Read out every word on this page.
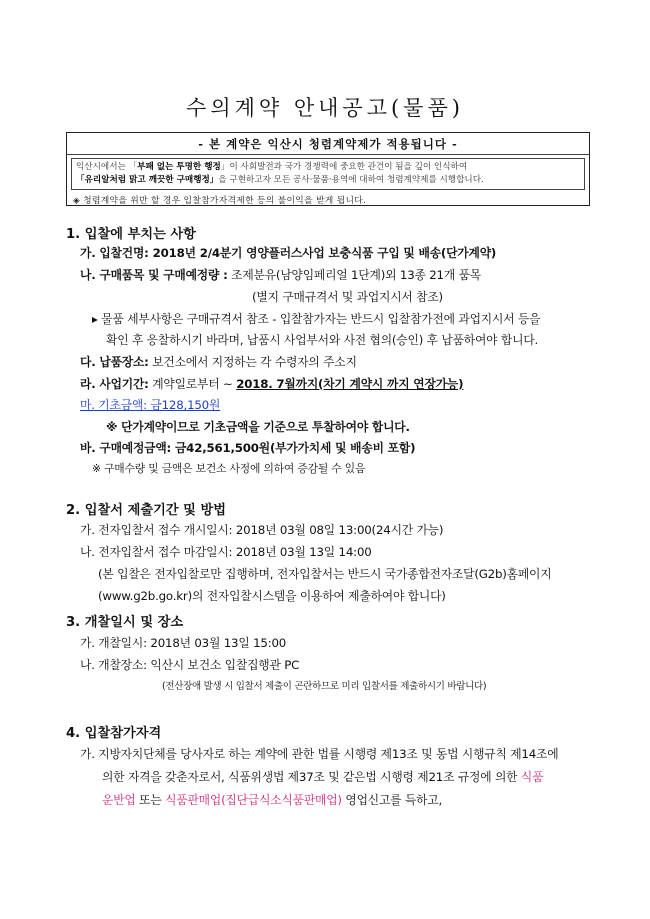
수의계약 안내공고(물품)
- 본 계약은 익산시 청렴계약제가 적용됩니다 -
익산시에서는 「부패 없는 투명한 행정」이 사회발전과 국가 경쟁력에 중요한 관건이 됨을 깊이 인식하여
「유리알처럼 맑고 깨끗한 구매행정」을 구현하고자 모든 공사·물품·용역에 대하여 청렴계약제를 시행합니다.
◈ 청렴계약을 위반 할 경우 입찰참가자격제한 등의 불이익을 받게 됩니다.
1. 입찰에 부치는 사항
가. 입찰건명: 2018년 2/4분기 영양플러스사업 보충식품 구입 및 배송(단가계약)
나. 구매품목 및 구매예정량 : 조제분유(남양임페리얼 1단계)외 13종 21개 품목
(별지 구매규격서 및 과업지시서 참조)
▸ 물품 세부사항은 구매규격서 참조 - 입찰참가자는 반드시 입찰참가전에 과업지시서 등을
확인 후 응찰하시기 바라며, 납품시 사업부서와 사전 협의(승인) 후 납품하여야 합니다.
다. 납품장소: 보건소에서 지정하는 각 수령자의 주소지
라. 사업기간: 계약일로부터 ~ 2018. 7월까지(차기 계약시 까지 연장가능)
마. 기초금액: 금128,150원
※ 단가계약이므로 기초금액을 기준으로 투찰하여야 합니다.
바. 구매예정금액: 금42,561,500원(부가가치세 및 배송비 포함)
※ 구매수량 및 금액은 보건소 사정에 의하여 증감될 수 있음
2. 입찰서 제출기간 및 방법
가. 전자입찰서 접수 개시일시: 2018년 03월 08일 13:00(24시간 가능)
나. 전자입찰서 접수 마감일시: 2018년 03월 13일 14:00
(본 입찰은 전자입찰로만 집행하며, 전자입찰서는 반드시 국가종합전자조달(G2b)홈페이지
(www.g2b.go.kr)의 전자입찰시스템을 이용하여 제출하여야 합니다)
3. 개찰일시 및 장소
가. 개찰일시: 2018년 03월 13일 15:00
나. 개찰장소: 익산시 보건소 입찰집행관 PC
(전산장애 발생 시 입찰서 제출이 곤란하므로 미리 입찰서를 제출하시기 바랍니다)
4. 입찰참가자격
가. 지방자치단체를 당사자로 하는 계약에 관한 법률 시행령 제13조 및 동법 시행규칙 제14조에
의한 자격을 갖춘자로서, 식품위생법 제37조 및 같은법 시행령 제21조 규정에 의한 식품
운반업 또는 식품판매업(집단급식소식품판매업) 영업신고를 득하고,
